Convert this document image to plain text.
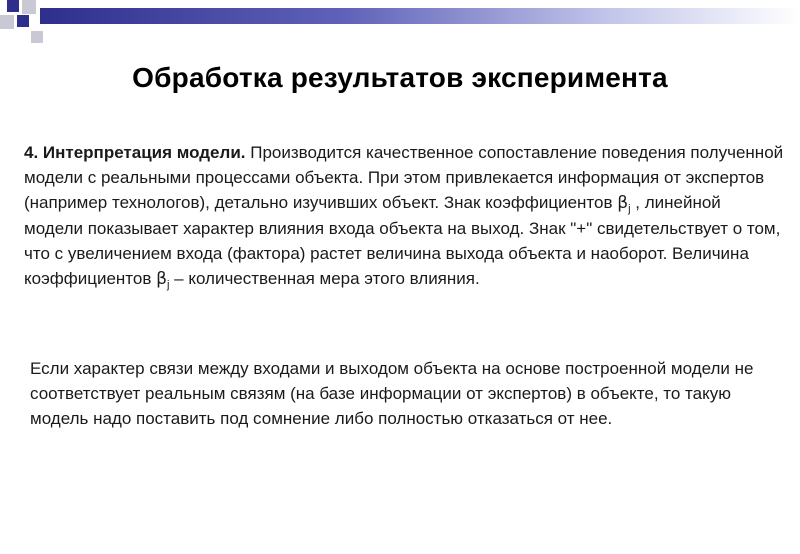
Обработка результатов эксперимента

4. Интерпретация модели. Производится качественное сопоставление поведения полученной модели с реальными процессами объекта. При этом привлекается информация от экспертов (например технологов), детально изучивших объект. Знак коэффициентов $\beta_j$ , линейной модели показывает характер влияния входа объекта на выход. Знак "+" свидетельствует о том, что с увеличением входа (фактора) растет величина выхода объекта и наоборот. Величина коэффициентов $\beta_j$ – количественная мера этого влияния.

Если характер связи между входами и выходом объекта на основе построенной модели не соответствует реальным связям (на базе информации от экспертов) в объекте, то такую модель надо поставить под сомнение либо полностью отказаться от нее.
